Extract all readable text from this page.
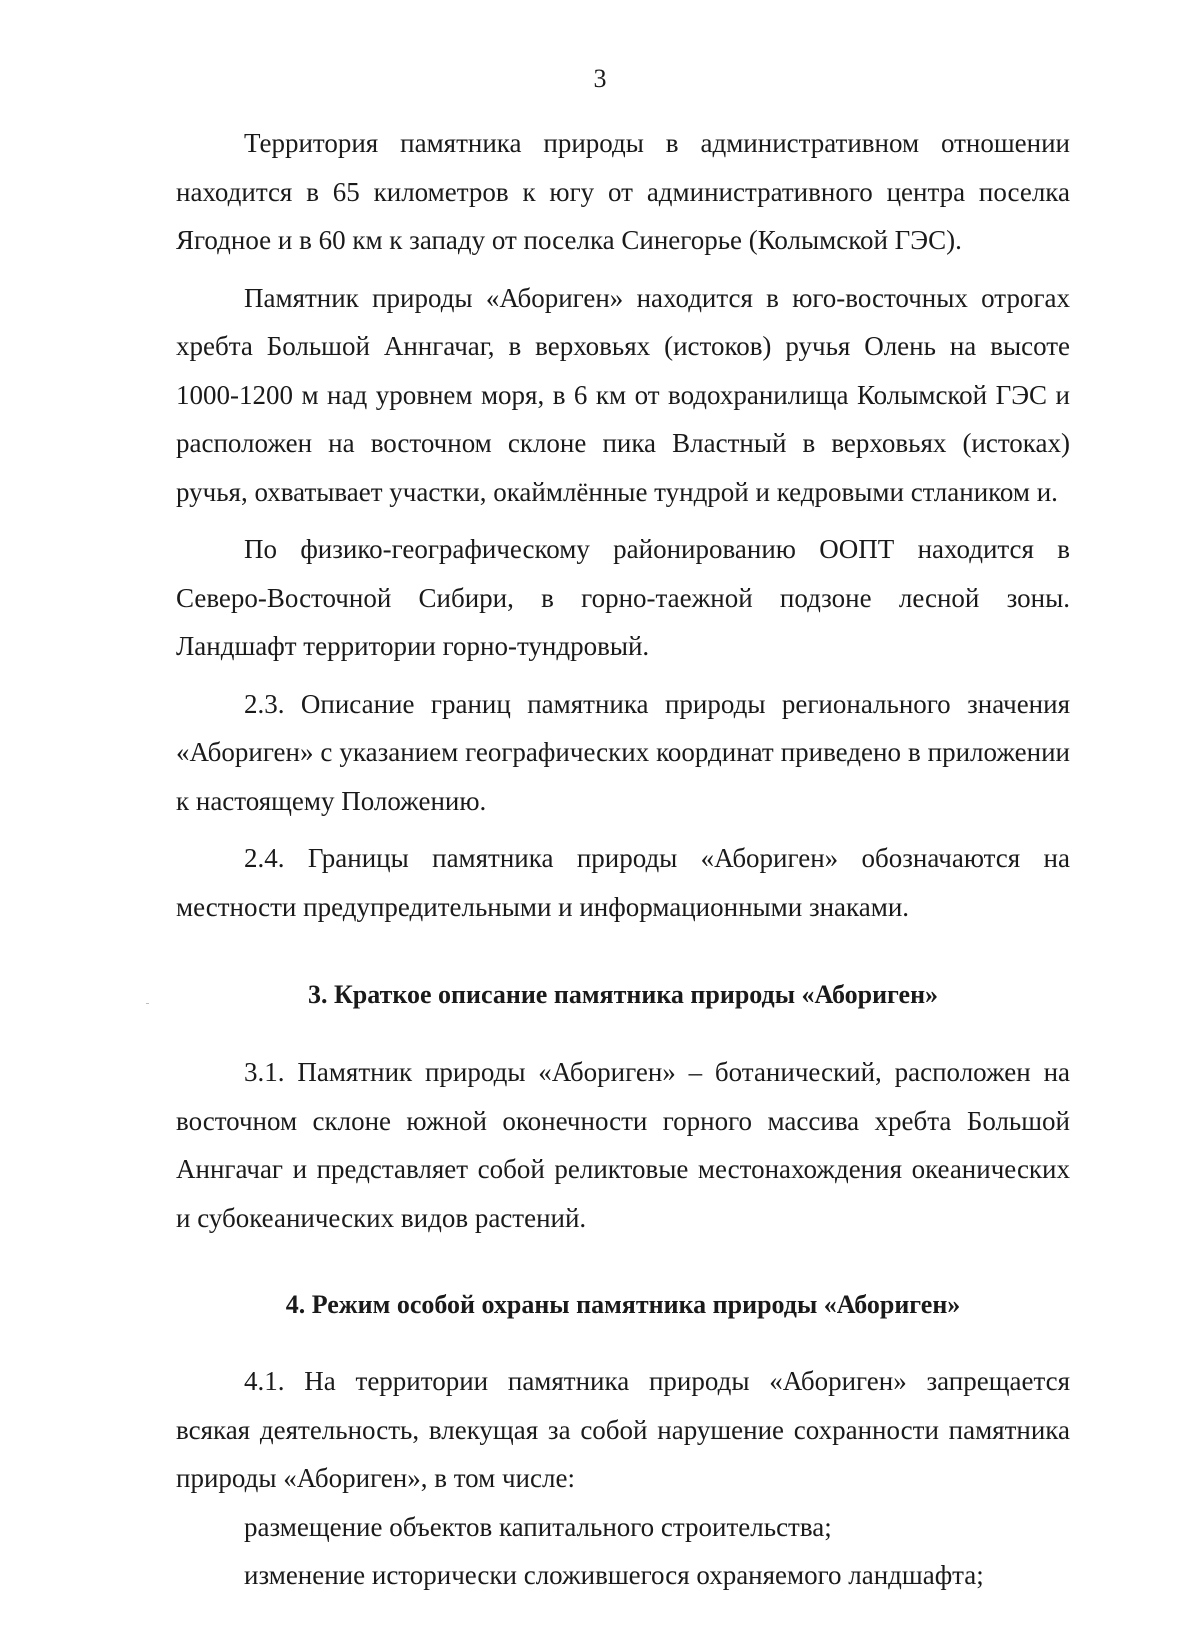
3

Территория памятника природы в административном отношении находится в 65 километров к югу от административного центра поселка Ягодное и в 60 км к западу от поселка Синегорье (Колымской ГЭС).

Памятник природы «Абориген» находится в юго-восточных отрогах хребта Большой Аннгачаг, в верховьях (истоков) ручья Олень на высоте 1000-1200 м над уровнем моря, в 6 км от водохранилища Колымской ГЭС и расположен на восточном склоне пика Властный в верховьях (истоках) ручья, охватывает участки, окаймлённые тундрой и кедровыми стлаником и.

По физико-географическому районированию ООПТ находится в Северо-Восточной Сибири, в горно-таежной подзоне лесной зоны. Ландшафт территории горно-тундровый.

2.3. Описание границ памятника природы регионального значения «Абориген» с указанием географических координат приведено в приложении к настоящему Положению.

2.4. Границы памятника природы «Абориген» обозначаются на местности предупредительными и информационными знаками.

3. Краткое описание памятника природы «Абориген»

3.1. Памятник природы «Абориген» – ботанический, расположен на восточном склоне южной оконечности горного массива хребта Большой Аннгачаг и представляет собой реликтовые местонахождения океанических и субокеанических видов растений.

4. Режим особой охраны памятника природы «Абориген»

4.1. На территории памятника природы «Абориген» запрещается всякая деятельность, влекущая за собой нарушение сохранности памятника природы «Абориген», в том числе:

размещение объектов капитального строительства;

изменение исторически сложившегося охраняемого ландшафта;
